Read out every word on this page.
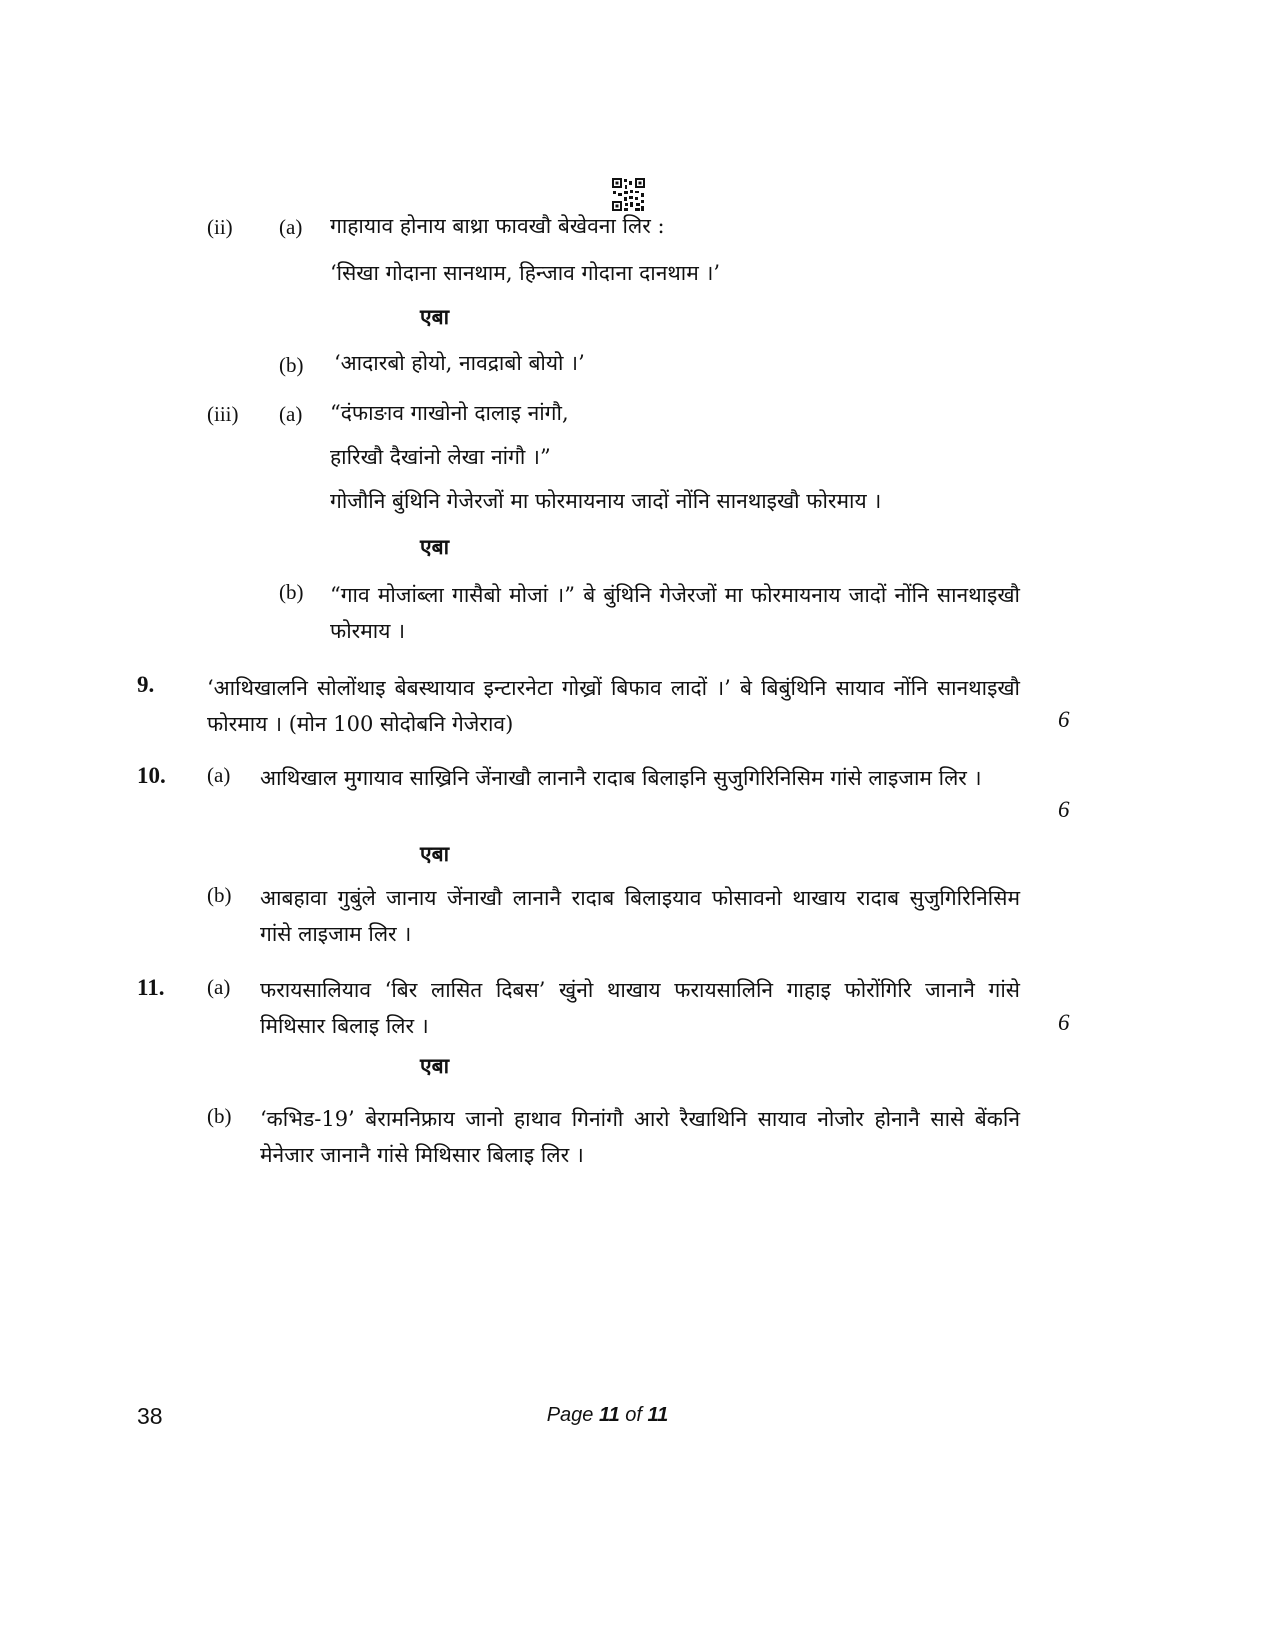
(ii) (a) गाहायाव होनाय बाथ्रा फावखौ बेखेवना लिर :
‘सिखा गोदाना सानथाम, हिन्जाव गोदाना दानथाम ।’
एबा
(b) ‘आदारबो होयो, नावद्राबो बोयो ।’
(iii) (a) “दंफाङाव गाखोनो दालाइ नांगौ,
हारिखौ दैखांनो लेखा नांगौ ।”
गोजौनि बुंथिनि गेजेरजों मा फोरमायनाय जादों नोंनि सानथाइखौ फोरमाय ।
एबा
(b) “गाव मोजांब्ला गासैबो मोजां ।” बे बुंथिनि गेजेरजों मा फोरमायनाय जादों नोंनि सानथाइखौ फोरमाय ।
9.	‘आथिखालनि सोलोंथाइ बेबस्थायाव इन्टारनेटा गोख्रों बिफाव लादों ।’ बे बिबुंथिनि सायाव नोंनि सानथाइखौ फोरमाय । (मोन 100 सोदोबनि गेजेराव)	6
10. (a) आथिखाल मुगायाव साख्रिनि जेंनाखौ लानानै रादाब बिलाइनि सुजुगिरिनिसिम गांसे लाइजाम लिर ।
6
एबा
(b) आबहावा गुबुंले जानाय जेंनाखौ लानानै रादाब बिलाइयाव फोसावनो थाखाय रादाब सुजुगिरिनिसिम गांसे लाइजाम लिर ।
11. (a) फरायसालियाव ‘बिर लासित दिबस’ खुंनो थाखाय फरायसालिनि गाहाइ फोरोंगिरि जानानै गांसे मिथिसार बिलाइ लिर ।	6
एबा
(b) ‘कभिड-19’ बेरामनिफ्राय जानो हाथाव गिनांगौ आरो रैखाथिनि सायाव नोजोर होनानै सासे बेंकनि मेनेजार जानानै गांसे मिथिसार बिलाइ लिर ।
38	Page 11 of 11
